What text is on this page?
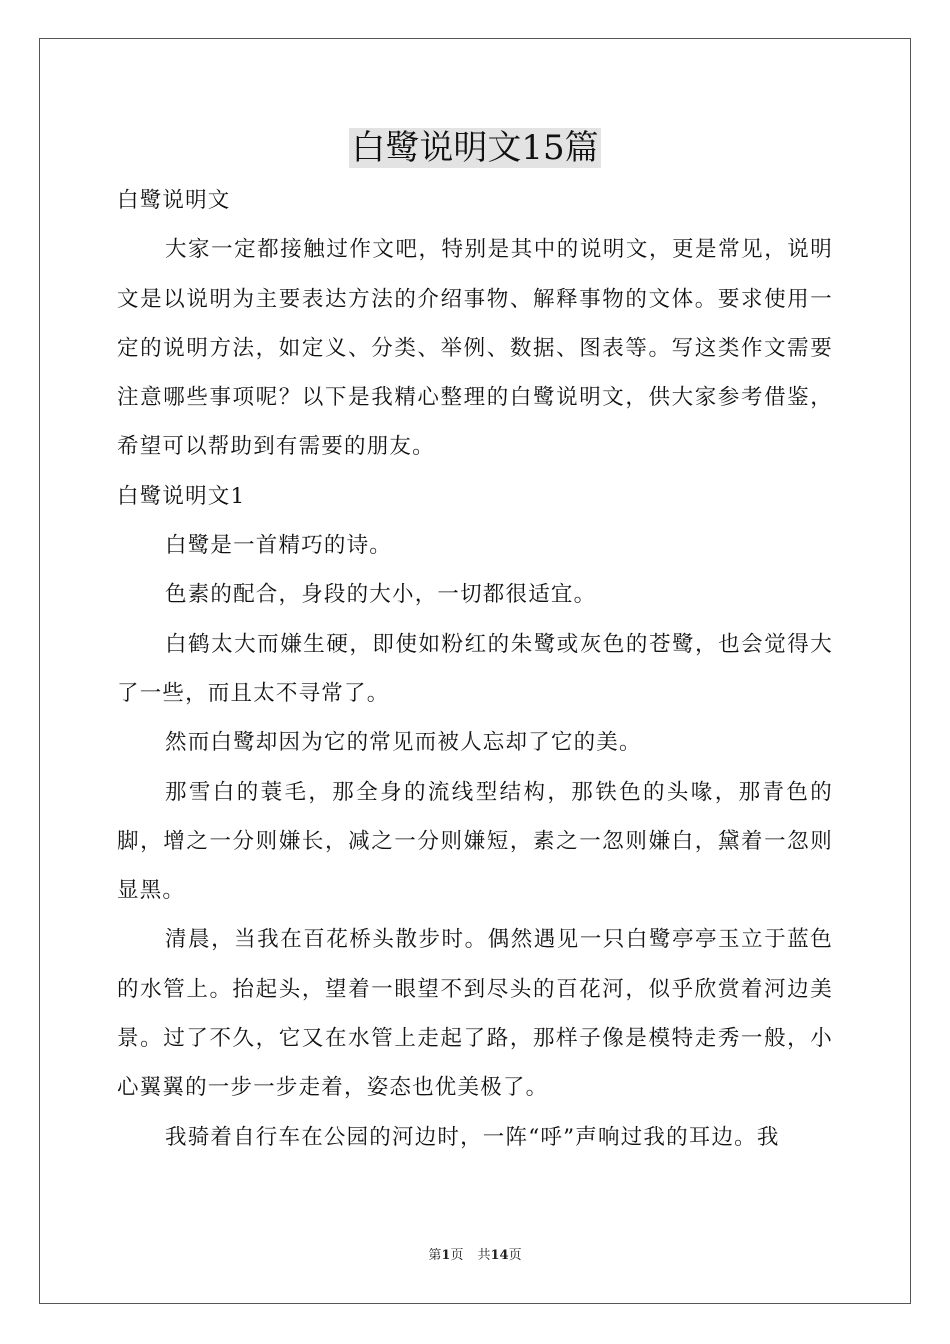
白鹭说明文15篇

白鹭说明文

大家一定都接触过作文吧，特别是其中的说明文，更是常见，说明文是以说明为主要表达方法的介绍事物、解释事物的文体。要求使用一定的说明方法，如定义、分类、举例、数据、图表等。写这类作文需要注意哪些事项呢？以下是我精心整理的白鹭说明文，供大家参考借鉴，希望可以帮助到有需要的朋友。

白鹭说明文1

白鹭是一首精巧的诗。

色素的配合，身段的大小，一切都很适宜。

白鹤太大而嫌生硬，即使如粉红的朱鹭或灰色的苍鹭，也会觉得大了一些，而且太不寻常了。

然而白鹭却因为它的常见而被人忘却了它的美。

那雪白的蓑毛，那全身的流线型结构，那铁色的头喙，那青色的脚，增之一分则嫌长，减之一分则嫌短，素之一忽则嫌白，黛着一忽则显黑。

清晨，当我在百花桥头散步时。偶然遇见一只白鹭亭亭玉立于蓝色的水管上。抬起头，望着一眼望不到尽头的百花河，似乎欣赏着河边美景。过了不久，它又在水管上走起了路，那样子像是模特走秀一般，小心翼翼的一步一步走着，姿态也优美极了。

我骑着自行车在公园的河边时，一阵“呼”声响过我的耳边。我

第1页 共14页
